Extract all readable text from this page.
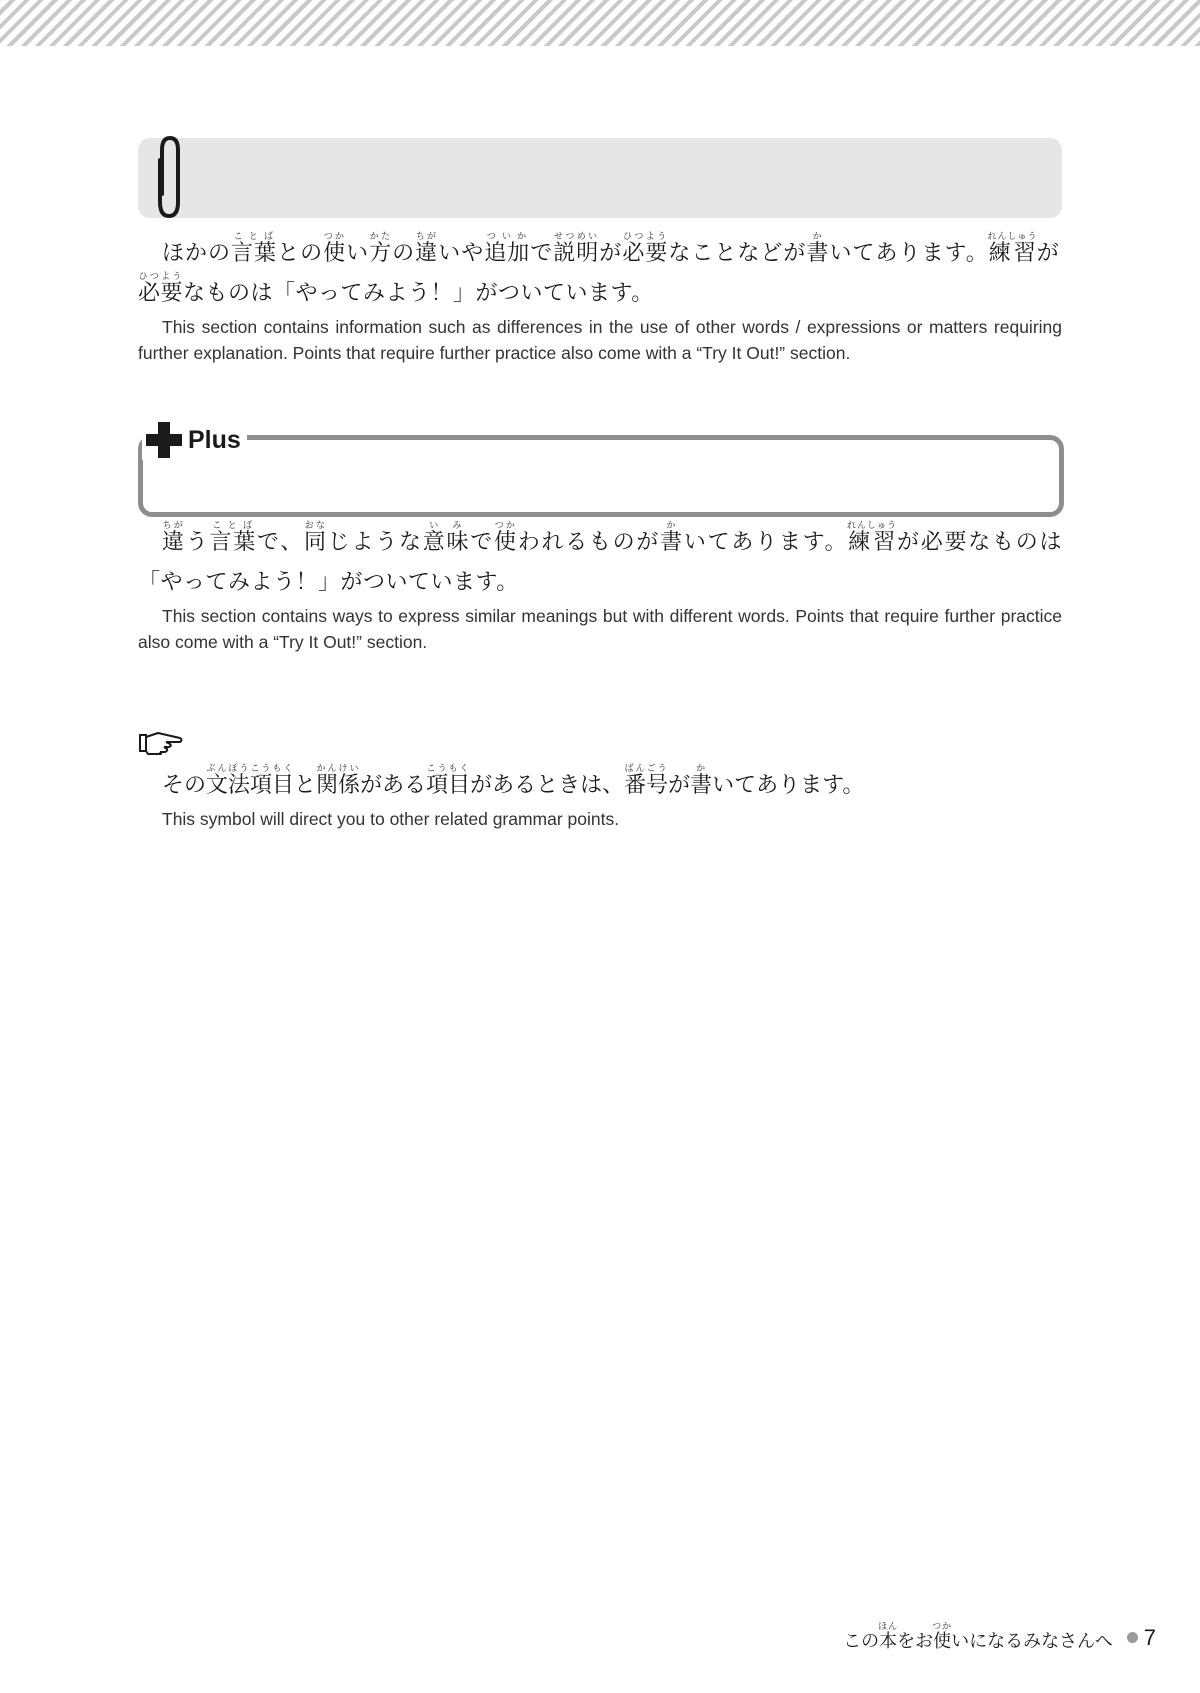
ほかの言葉ことばとの使つかい方かたの違ちがいや追加ついかで説明せつめいが必要ひつようなことなどが書かいてあります。練習れんしゅうが必要ひつようなものは「やってみよう！」がついています。
This section contains information such as differences in the use of other words / expressions or matters requiring further explanation. Points that require further practice also come with a “Try It Out!” section.
Plus
違ちがう言葉ことばで、同おなじような意味いみで使つかわれるものが書かいてあります。練習れんしゅうが必要なものは「やってみよう！」がついています。
This section contains ways to express similar meanings but with different words. Points that require further practice also come with a “Try It Out!” section.
その文法項目ぶんぽうこうもくと関係かんけいがある項目こうもくがあるときは、番号ばんごうが書かいてあります。
This symbol will direct you to other related grammar points.
この本ほんをお使つかいになるみなさんへ 7
